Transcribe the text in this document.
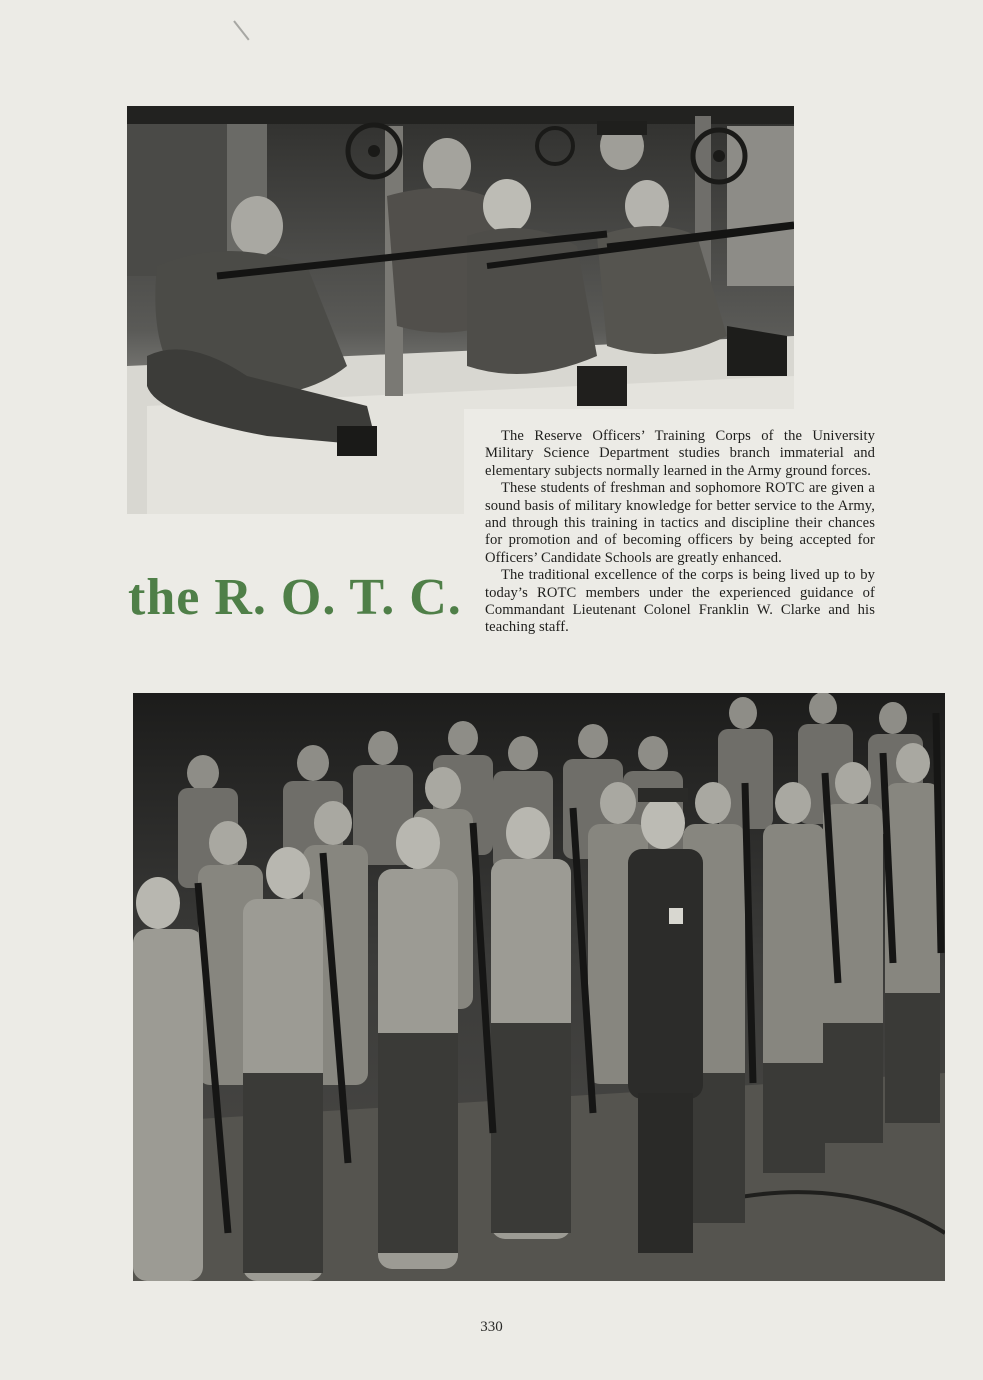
The Reserve Officers’ Training Corps of the University Military Science Department studies branch immaterial and elementary subjects normally learned in the Army ground forces.

These students of freshman and sophomore ROTC are given a sound basis of military knowledge for better service to the Army, and through this training in tactics and discipline their chances for promotion and of becoming officers by being accepted for Officers’ Candidate Schools are greatly enhanced.

The traditional excellence of the corps is being lived up to by today’s ROTC members under the experienced guidance of Commandant Lieutenant Colonel Franklin W. Clarke and his teaching staff.

the R. O. T. C.
330
